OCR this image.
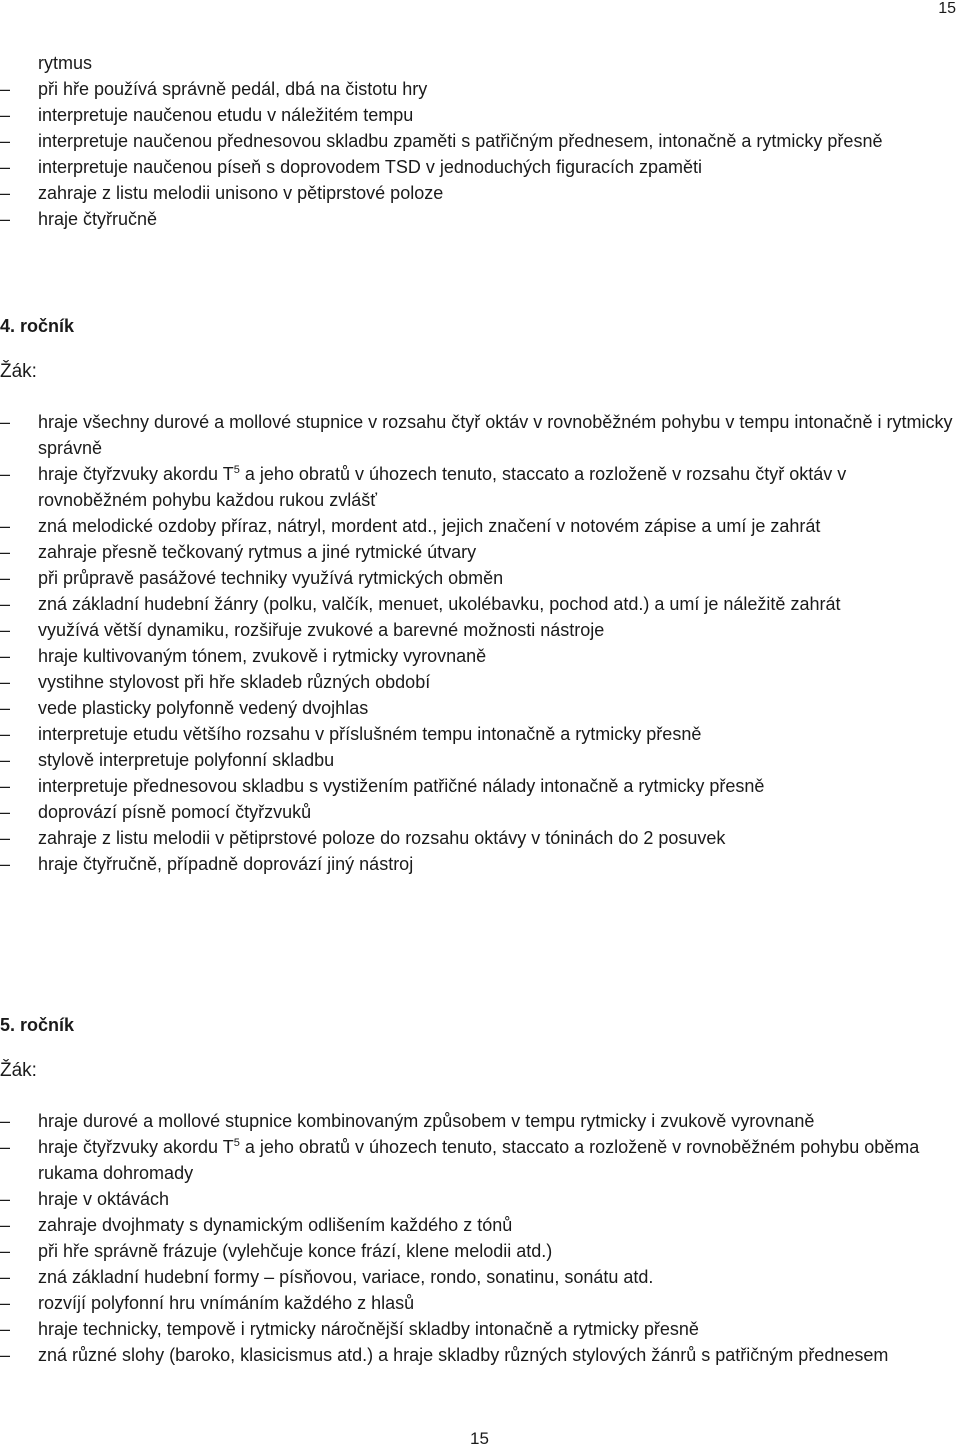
15
rytmus
–	při hře používá správně pedál, dbá na čistotu hry
–	interpretuje naučenou etudu v náležitém tempu
–	interpretuje naučenou přednesovou skladbu zpaměti s patřičným přednesem, intonačně a rytmicky přesně
–	interpretuje naučenou píseň s doprovodem TSD v jednoduchých figuracích zpaměti
–	zahraje z listu melodii unisono v pětiprstové poloze
–	hraje čtyřručně
4. ročník
Žák:
–	hraje všechny durové a mollové stupnice v rozsahu čtyř oktáv v rovnoběžném pohybu v tempu intonačně i rytmicky správně
–	hraje čtyřzvuky akordu $T^5$ a jeho obratů v úhozech tenuto, staccato a rozloženě v rozsahu čtyř oktáv v rovnoběžném pohybu každou rukou zvlášť
–	zná melodické ozdoby příraz, nátryl, mordent atd., jejich značení v notovém zápise a umí je zahrát
–	zahraje přesně tečkovaný rytmus a jiné rytmické útvary
–	při průpravě pasážové techniky využívá rytmických obměn
–	zná základní hudební žánry (polku, valčík, menuet, ukolébavku, pochod atd.) a umí je náležitě zahrát
–	využívá větší dynamiku, rozšiřuje zvukové a barevné možnosti nástroje
–	hraje kultivovaným tónem, zvukově i rytmicky vyrovnaně
–	vystihne stylovost při hře skladeb různých období
–	vede plasticky polyfonně vedený dvojhlas
–	interpretuje etudu většího rozsahu v příslušném tempu intonačně a rytmicky přesně
–	stylově interpretuje polyfonní skladbu
–	interpretuje přednesovou skladbu s vystižením patřičné nálady intonačně a rytmicky přesně
–	doprovází písně pomocí čtyřzvuků
–	zahraje z listu melodii v pětiprstové poloze do rozsahu oktávy v tóninách do 2 posuvek
–	hraje čtyřručně, případně doprovází jiný nástroj
5. ročník
Žák:
–	hraje durové a mollové stupnice kombinovaným způsobem v tempu rytmicky i zvukově vyrovnaně
–	hraje čtyřzvuky akordu $T^5$ a jeho obratů v úhozech tenuto, staccato a rozloženě v rovnoběžném pohybu oběma rukama dohromady
–	hraje v oktávách
–	zahraje dvojhmaty s dynamickým odlišením každého z tónů
–	při hře správně frázuje (vylehčuje konce frází, klene melodii atd.)
–	zná základní hudební formy – písňovou, variace, rondo, sonatinu, sonátu atd.
–	rozvíjí polyfonní hru vnímáním každého z hlasů
–	hraje technicky, tempově i rytmicky náročnější skladby intonačně a rytmicky přesně
–	zná různé slohy (baroko, klasicismus atd.) a hraje skladby různých stylových žánrů s patřičným přednesem
15
